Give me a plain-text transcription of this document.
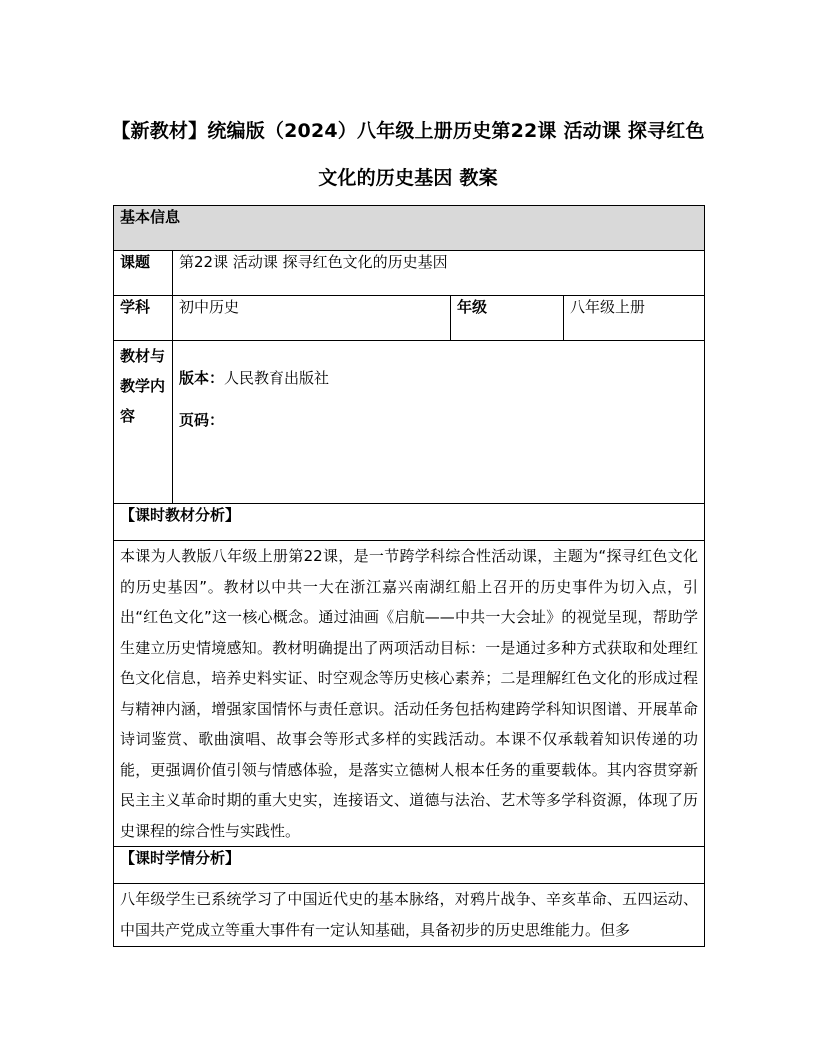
【新教材】统编版（2024）八年级上册历史第22课 活动课 探寻红色
文化的历史基因 教案
基本信息			
课题	第22课 活动课 探寻红色文化的历史基因		
学科	初中历史	年级	八年级上册
教材与教学内容	版本：人民教育出版社
页码：		

【课时教材分析】			

本课为人教版八年级上册第22课，是一节跨学科综合性活动课，主题为“探寻红色文化的历史基因”。教材以中共一大在浙江嘉兴南湖红船上召开的历史事件为切入点，引出“红色文化”这一核心概念。通过油画《启航——中共一大会址》的视觉呈现，帮助学生建立历史情境感知。教材明确提出了两项活动目标：一是通过多种方式获取和处理红色文化信息，培养史料实证、时空观念等历史核心素养；二是理解红色文化的形成过程与精神内涵，增强家国情怀与责任意识。活动任务包括构建跨学科知识图谱、开展革命诗词鉴赏、歌曲演唱、故事会等形式多样的实践活动。本课不仅承载着知识传递的功能，更强调价值引领与情感体验，是落实立德树人根本任务的重要载体。其内容贯穿新民主主义革命时期的重大史实，连接语文、道德与法治、艺术等多学科资源，体现了历史课程的综合性与实践性。			

【课时学情分析】			

八年级学生已系统学习了中国近代史的基本脉络，对鸦片战争、辛亥革命、五四运动、中国共产党成立等重大事件有一定认知基础，具备初步的历史思维能力。但多			
